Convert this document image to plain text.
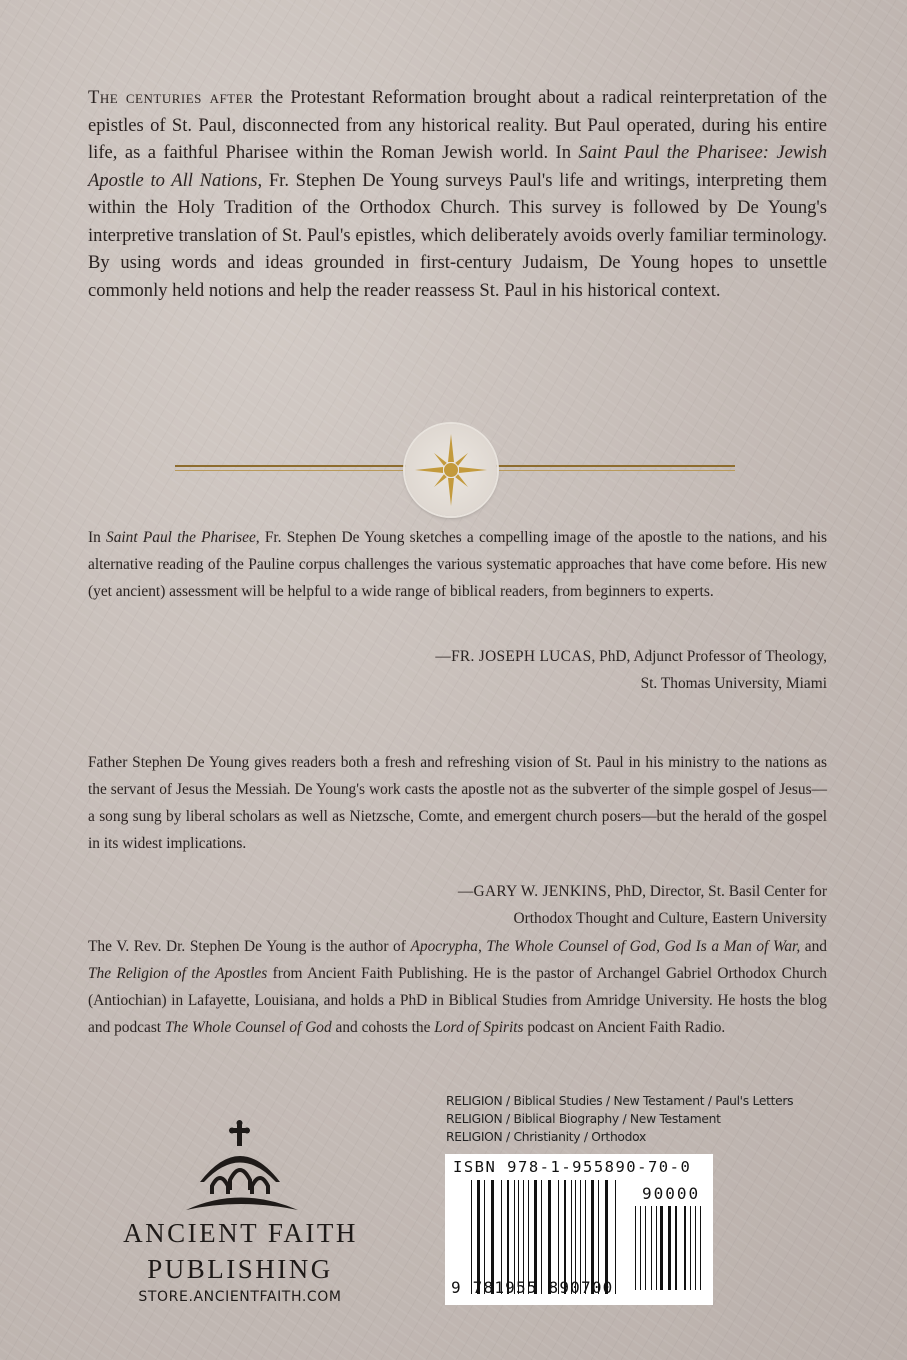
The centuries after the Protestant Reformation brought about a radical reinterpretation of the epistles of St. Paul, disconnected from any historical reality. But Paul operated, during his entire life, as a faithful Pharisee within the Roman Jewish world. In Saint Paul the Pharisee: Jewish Apostle to All Nations, Fr. Stephen De Young surveys Paul's life and writings, interpreting them within the Holy Tradition of the Orthodox Church. This survey is followed by De Young's interpretive translation of St. Paul's epistles, which deliberately avoids overly familiar terminology. By using words and ideas grounded in first-century Judaism, De Young hopes to unsettle commonly held notions and help the reader reassess St. Paul in his historical context.

In Saint Paul the Pharisee, Fr. Stephen De Young sketches a compelling image of the apostle to the nations, and his alternative reading of the Pauline corpus challenges the various systematic approaches that have come before. His new (yet ancient) assessment will be helpful to a wide range of biblical readers, from beginners to experts.

—FR. JOSEPH LUCAS, PhD, Adjunct Professor of Theology,
St. Thomas University, Miami

Father Stephen De Young gives readers both a fresh and refreshing vision of St. Paul in his ministry to the nations as the servant of Jesus the Messiah. De Young's work casts the apostle not as the subverter of the simple gospel of Jesus—a song sung by liberal scholars as well as Nietzsche, Comte, and emergent church posers—but the herald of the gospel in its widest implications.

—GARY W. JENKINS, PhD, Director, St. Basil Center for
Orthodox Thought and Culture, Eastern University

The V. Rev. Dr. Stephen De Young is the author of Apocrypha, The Whole Counsel of God, God Is a Man of War, and The Religion of the Apostles from Ancient Faith Publishing. He is the pastor of Archangel Gabriel Orthodox Church (Antiochian) in Lafayette, Louisiana, and holds a PhD in Biblical Studies from Amridge University. He hosts the blog and podcast The Whole Counsel of God and cohosts the Lord of Spirits podcast on Ancient Faith Radio.

RELIGION / Biblical Studies / New Testament / Paul's Letters
RELIGION / Biblical Biography / New Testament
RELIGION / Christianity / Orthodox
ISBN 978-1-955890-70-0
90000
9 781955 890700
ANCIENT FAITH
PUBLISHING
STORE.ANCIENTFAITH.COM
